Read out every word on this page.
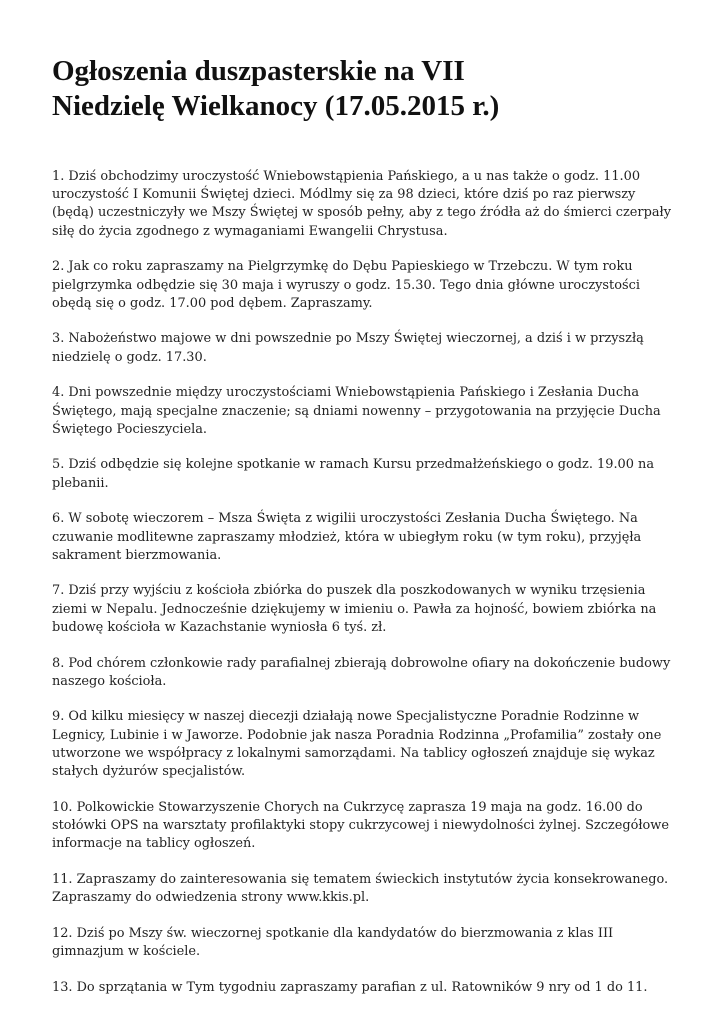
Ogłoszenia duszpasterskie na VII
Niedzielę Wielkanocy (17.05.2015 r.)
1. Dziś obchodzimy uroczystość Wniebowstąpienia Pańskiego, a u nas także o godz. 11.00 uroczystość I Komunii Świętej dzieci. Módlmy się za 98 dzieci, które dziś po raz pierwszy (będą) uczestniczyły we Mszy Świętej w sposób pełny, aby z tego źródła aż do śmierci czerpały siłę do życia zgodnego z wymaganiami Ewangelii Chrystusa.
2. Jak co roku zapraszamy na Pielgrzymkę do Dębu Papieskiego w Trzebczu. W tym roku pielgrzymka odbędzie się 30 maja i wyruszy o godz. 15.30. Tego dnia główne uroczystości obędą się o godz. 17.00 pod dębem. Zapraszamy.
3. Nabożeństwo majowe w dni powszednie po Mszy Świętej wieczornej, a dziś i w przyszłą niedzielę o godz. 17.30.
4. Dni powszednie między uroczystościami Wniebowstąpienia Pańskiego i Zesłania Ducha Świętego, mają specjalne znaczenie; są dniami nowenny – przygotowania na przyjęcie Ducha Świętego Pocieszyciela.
5. Dziś odbędzie się kolejne spotkanie w ramach Kursu przedmałżeńskiego o godz. 19.00 na plebanii.
6. W sobotę wieczorem – Msza Święta z wigilii uroczystości Zesłania Ducha Świętego. Na czuwanie modlitewne zapraszamy młodzież, która w ubiegłym roku (w tym roku), przyjęła sakrament bierzmowania.
7. Dziś przy wyjściu z kościoła zbiórka do puszek dla poszkodowanych w wyniku trzęsienia ziemi w Nepalu. Jednocześnie dziękujemy w imieniu o. Pawła za hojność, bowiem zbiórka na budowę kościoła w Kazachstanie wyniosła 6 tyś. zł.
8. Pod chórem członkowie rady parafialnej zbierają dobrowolne ofiary na dokończenie budowy naszego kościoła.
9. Od kilku miesięcy w naszej diecezji działają nowe Specjalistyczne Poradnie Rodzinne w Legnicy, Lubinie i w Jaworze. Podobnie jak nasza Poradnia Rodzinna „Profamilia” zostały one utworzone we współpracy z lokalnymi samorządami. Na tablicy ogłoszeń znajduje się wykaz stałych dyżurów specjalistów.
10. Polkowickie Stowarzyszenie Chorych na Cukrzycę zaprasza 19 maja na godz. 16.00 do stołówki OPS na warsztaty profilaktyki stopy cukrzycowej i niewydolności żylnej. Szczegółowe informacje na tablicy ogłoszeń.
11. Zapraszamy do zainteresowania się tematem świeckich instytutów życia konsekrowanego. Zapraszamy do odwiedzenia strony www.kkis.pl.
12. Dziś po Mszy św. wieczornej spotkanie dla kandydatów do bierzmowania z klas III gimnazjum w kościele.
13. Do sprzątania w Tym tygodniu zapraszamy parafian z ul. Ratowników 9 nry od 1 do 11.
